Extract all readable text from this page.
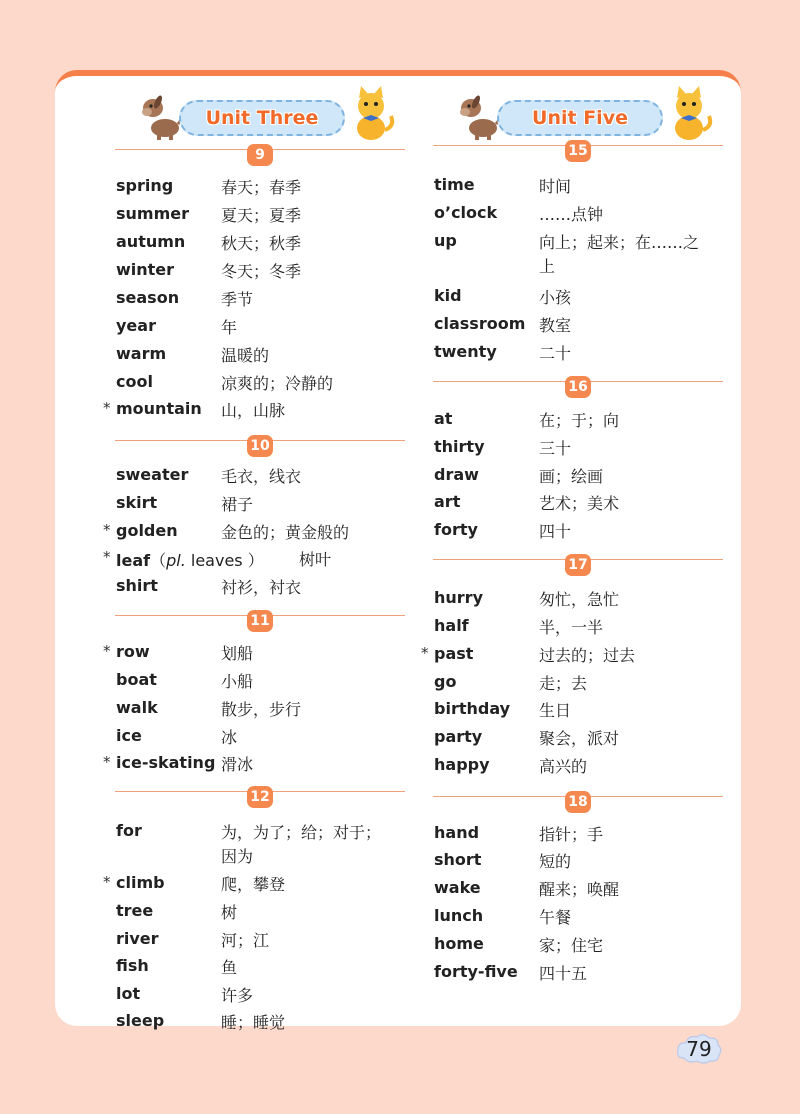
Unit Three	Unit Five
9
spring	春天；春季
summer 夏天；夏季
autumn 秋天；秋季
winter	冬天；冬季
season	季节
year	年
warm	温暖的
cool	凉爽的；冷静的
* mountain 山，山脉
10
sweater 毛衣，线衣
skirt	裙子
* golden	金色的；黄金般的
* leaf（pl. leaves ） 树叶
shirt	衬衫，衬衣
11
* row	划船
boat	小船
walk	散步，步行
ice	冰
* ice-skating 滑冰
12
for	为，为了；给；对于；因为
* climb	爬，攀登
tree	树
river	河；江
fish	鱼
lot	许多
sleep	睡；睡觉
15
time	时间
o’clock	……点钟
up	向上；起来；在……之上
kid	小孩
classroom 教室
twenty	二十
16
at	在；于；向
thirty	三十
draw	画；绘画
art	艺术；美术
forty	四十
17
hurry	匆忙，急忙
half	半，一半
* past	过去的；过去
go	走；去
birthday 生日
party	聚会，派对
happy	高兴的
18
hand	指针；手
short	短的
wake	醒来；唤醒
lunch	午餐
home	家；住宅
forty-five 四十五
79
